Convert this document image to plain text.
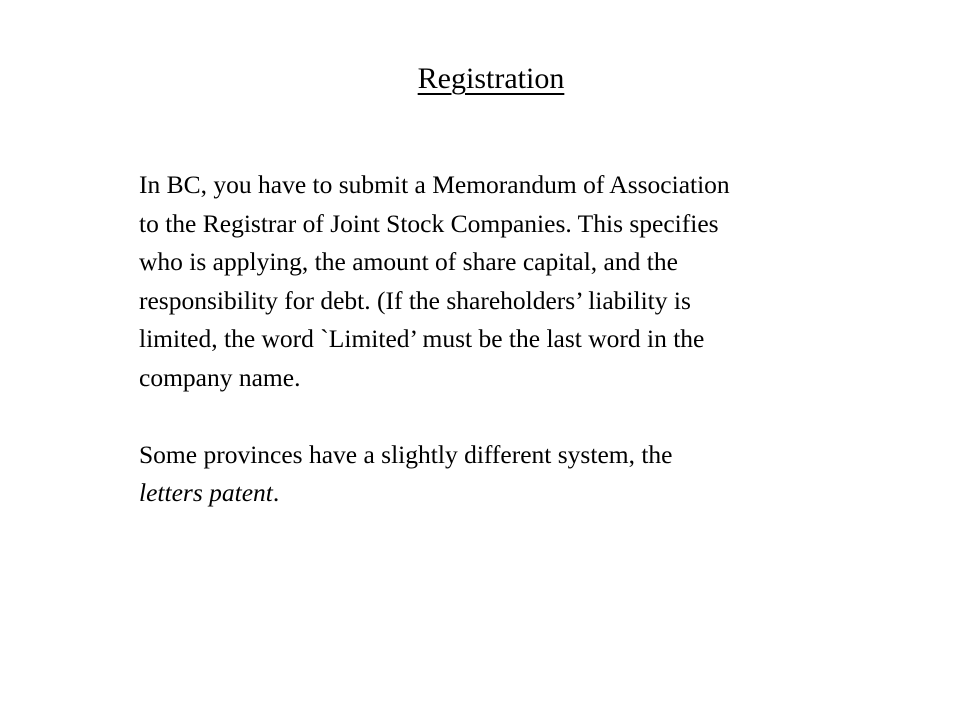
Registration
In BC, you have to submit a Memorandum of Association
to the Registrar of Joint Stock Companies. This specifies
who is applying, the amount of share capital, and the
responsibility for debt. (If the shareholders’ liability is
limited, the word `Limited’ must be the last word in the
company name.
Some provinces have a slightly different system, the
letters patent.
